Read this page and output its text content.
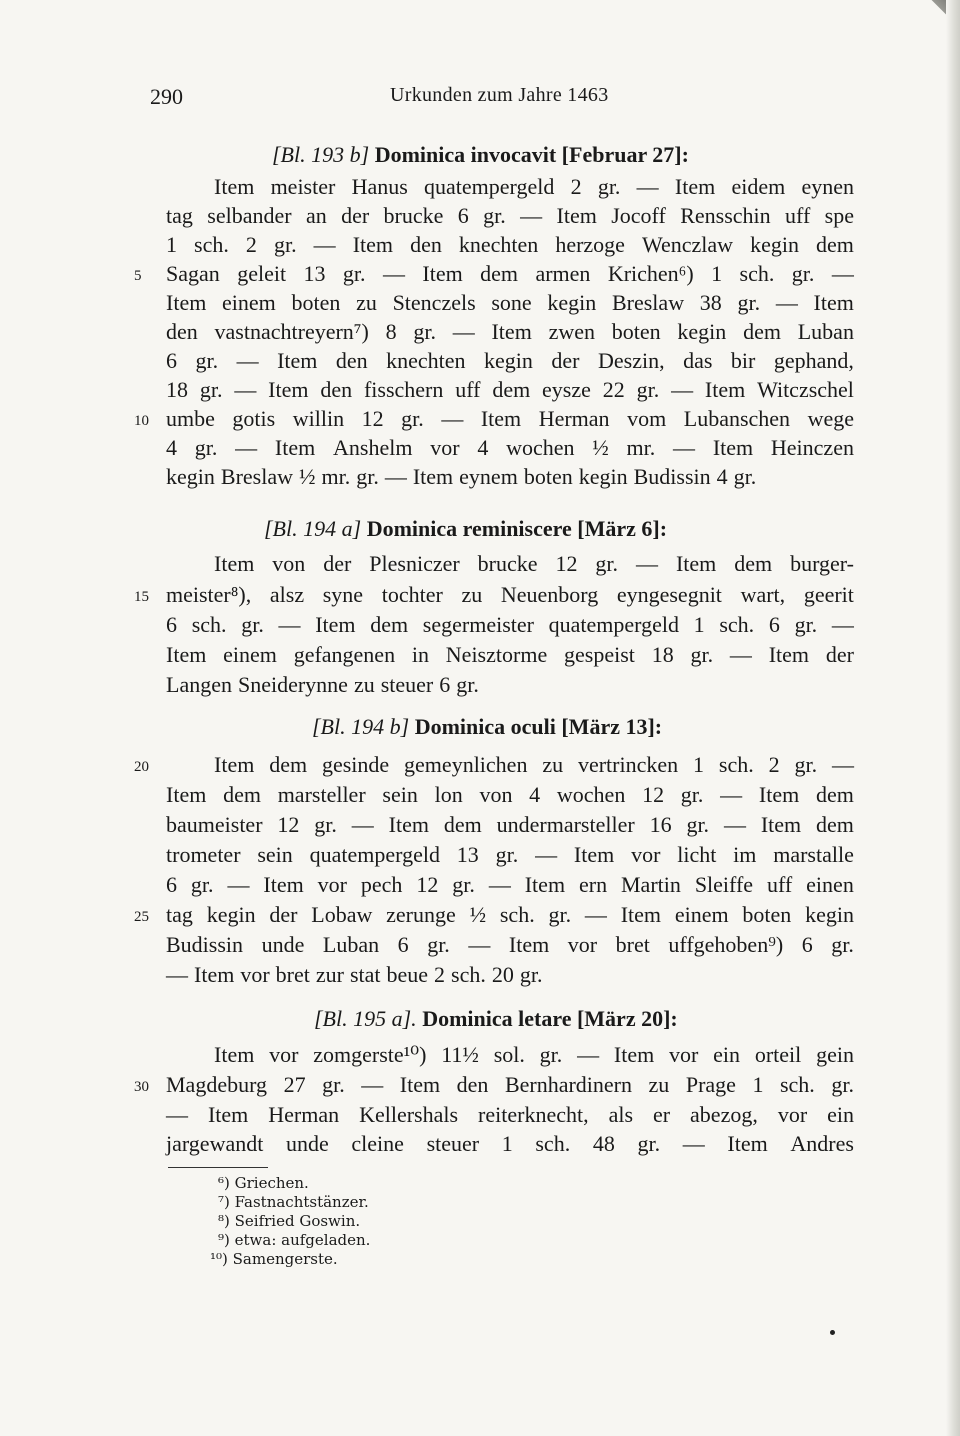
290	Urkunden zum Jahre 1463
[Bl. 193 b] Dominica invocavit [Februar 27]:
Item meister Hanus quatempergeld 2 gr. — Item eidem eynen
tag selbander an der brucke 6 gr. — Item Jocoff Rensschin uff spe
1 sch. 2 gr. — Item den knechten herzoge Wenczlaw kegin dem
Sagan geleit 13 gr. — Item dem armen Krichen⁶) 1 sch. gr. —
Item einem boten zu Stenczels sone kegin Breslaw 38 gr. — Item
den vastnachtreyern⁷) 8 gr. — Item zwen boten kegin dem Luban
6 gr. — Item den knechten kegin der Deszin, das bir gephand,
18 gr. — Item den fisschern uff dem eysze 22 gr. — Item Witczschel
umbe gotis willin 12 gr. — Item Herman vom Lubanschen wege
4 gr. — Item Anshelm vor 4 wochen ½ mr. — Item Heinczen
kegin Breslaw ½ mr. gr. — Item eynem boten kegin Budissin 4 gr.
[Bl. 194 a] Dominica reminiscere [März 6]:
Item von der Plesniczer brucke 12 gr. — Item dem burger-
meister⁸), alsz syne tochter zu Neuenborg eyngesegnit wart, geerit
6 sch. gr. — Item dem segermeister quatempergeld 1 sch. 6 gr. —
Item einem gefangenen in Neisztorme gespeist 18 gr. — Item der
Langen Sneiderynne zu steuer 6 gr.
[Bl. 194 b] Dominica oculi [März 13]:
Item dem gesinde gemeynlichen zu vertrincken 1 sch. 2 gr. —
Item dem marsteller sein lon von 4 wochen 12 gr. — Item dem
baumeister 12 gr. — Item dem undermarsteller 16 gr. — Item dem
trometer sein quatempergeld 13 gr. — Item vor licht im marstalle
6 gr. — Item vor pech 12 gr. — Item ern Martin Sleiffe uff einen
tag kegin der Lobaw zerunge ½ sch. gr. — Item einem boten kegin
Budissin unde Luban 6 gr. — Item vor bret uffgehoben⁹) 6 gr.
— Item vor bret zur stat beue 2 sch. 20 gr.
[Bl. 195 a]. Dominica letare [März 20]:
Item vor zomgerste¹⁰) 11½ sol. gr. — Item vor ein orteil gein
Magdeburg 27 gr. — Item den Bernhardinern zu Prage 1 sch. gr.
— Item Herman Kellershals reiterknecht, als er abezog, vor ein
jargewandt unde cleine steuer 1 sch. 48 gr. — Item Andres
5
10
15
20
25
30
⁶) Griechen.
⁷) Fastnachtstänzer.
⁸) Seifried Goswin.
⁹) etwa: aufgeladen.
¹⁰) Samengerste.
